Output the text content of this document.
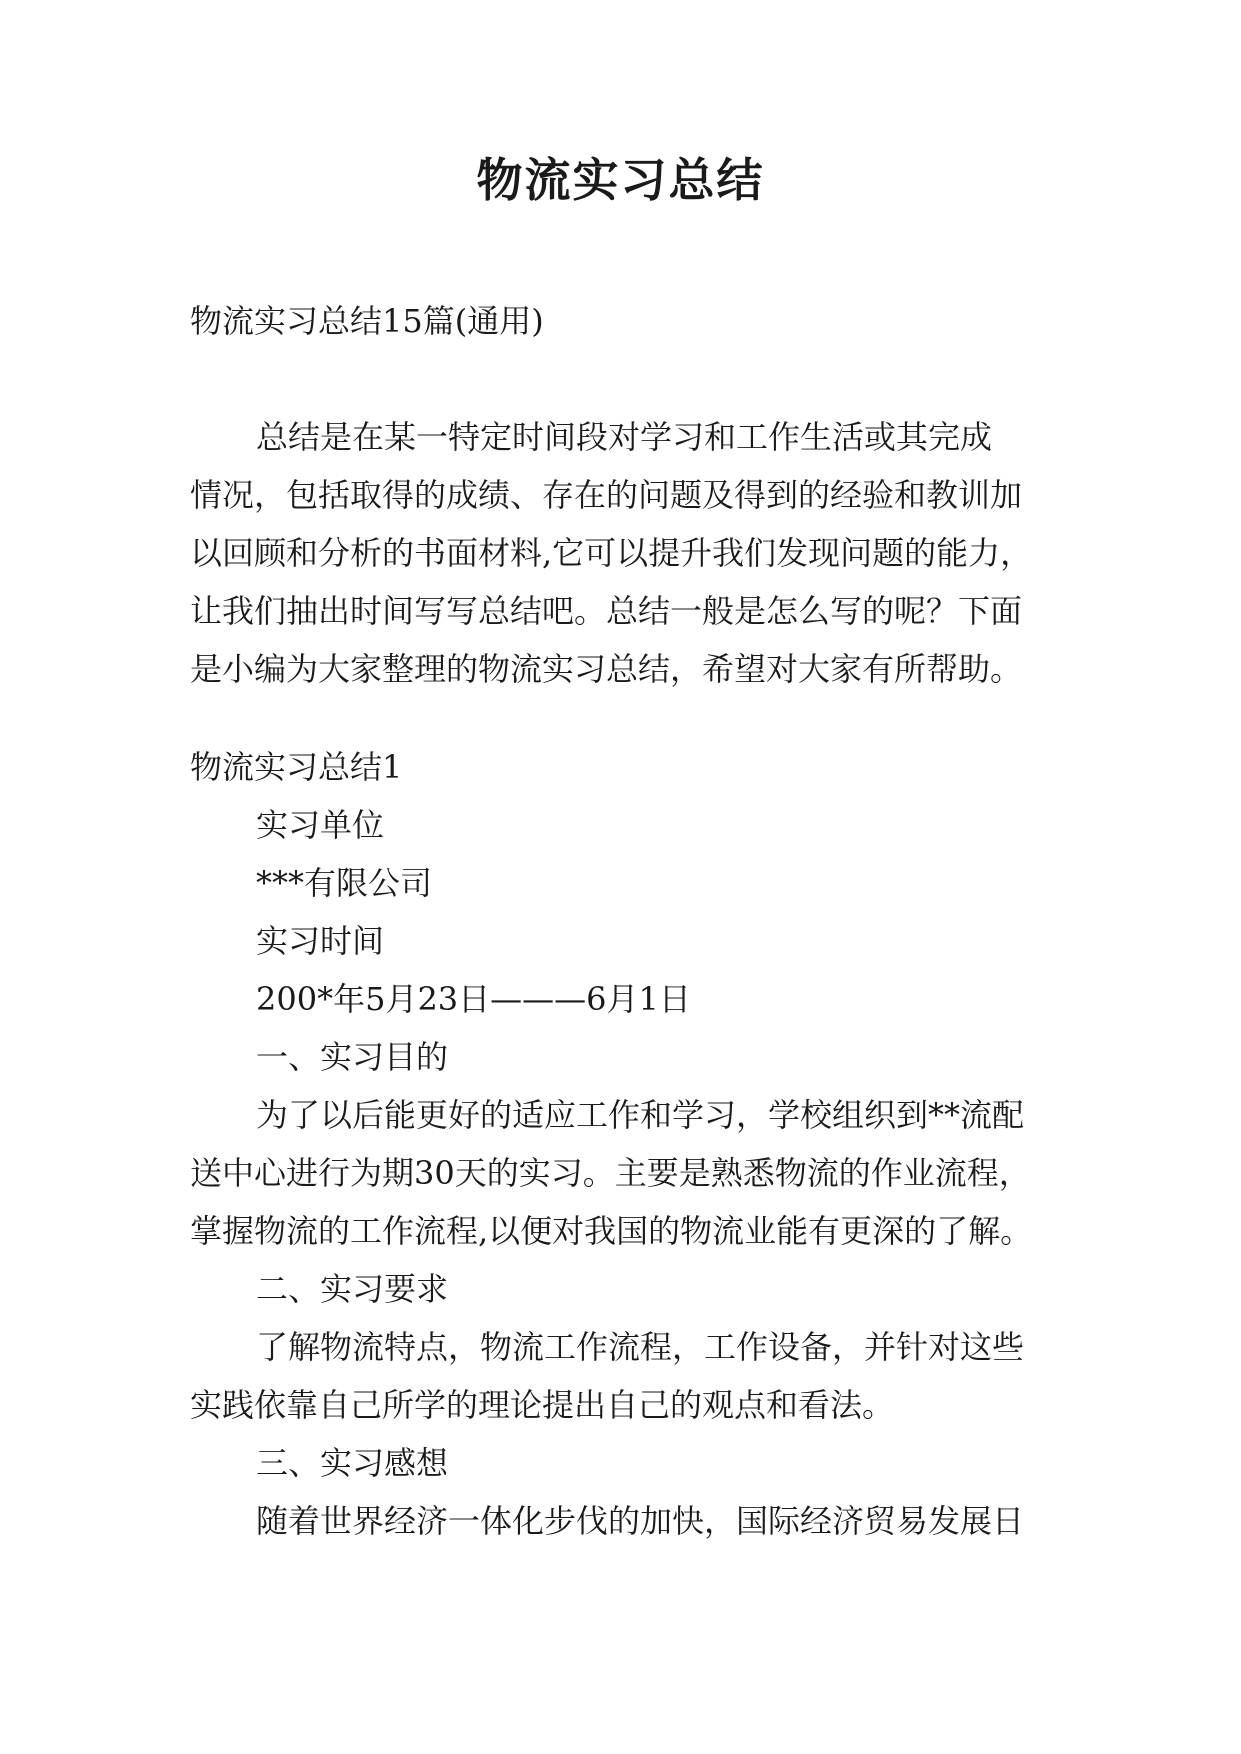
物流实习总结

物流实习总结15篇(通用)

总结是在某一特定时间段对学习和工作生活或其完成

情况，包括取得的成绩、存在的问题及得到的经验和教训加

以回顾和分析的书面材料,它可以提升我们发现问题的能力，

让我们抽出时间写写总结吧。总结一般是怎么写的呢？下面

是小编为大家整理的物流实习总结，希望对大家有所帮助。

物流实习总结1

实习单位

***有限公司

实习时间

200*年5月23日———6月1日

一、实习目的

为了以后能更好的适应工作和学习，学校组织到**流配

送中心进行为期30天的实习。主要是熟悉物流的作业流程，

掌握物流的工作流程,以便对我国的物流业能有更深的了解。

二、实习要求

了解物流特点，物流工作流程，工作设备，并针对这些

实践依靠自己所学的理论提出自己的观点和看法。

三、实习感想

随着世界经济一体化步伐的加快，国际经济贸易发展日
